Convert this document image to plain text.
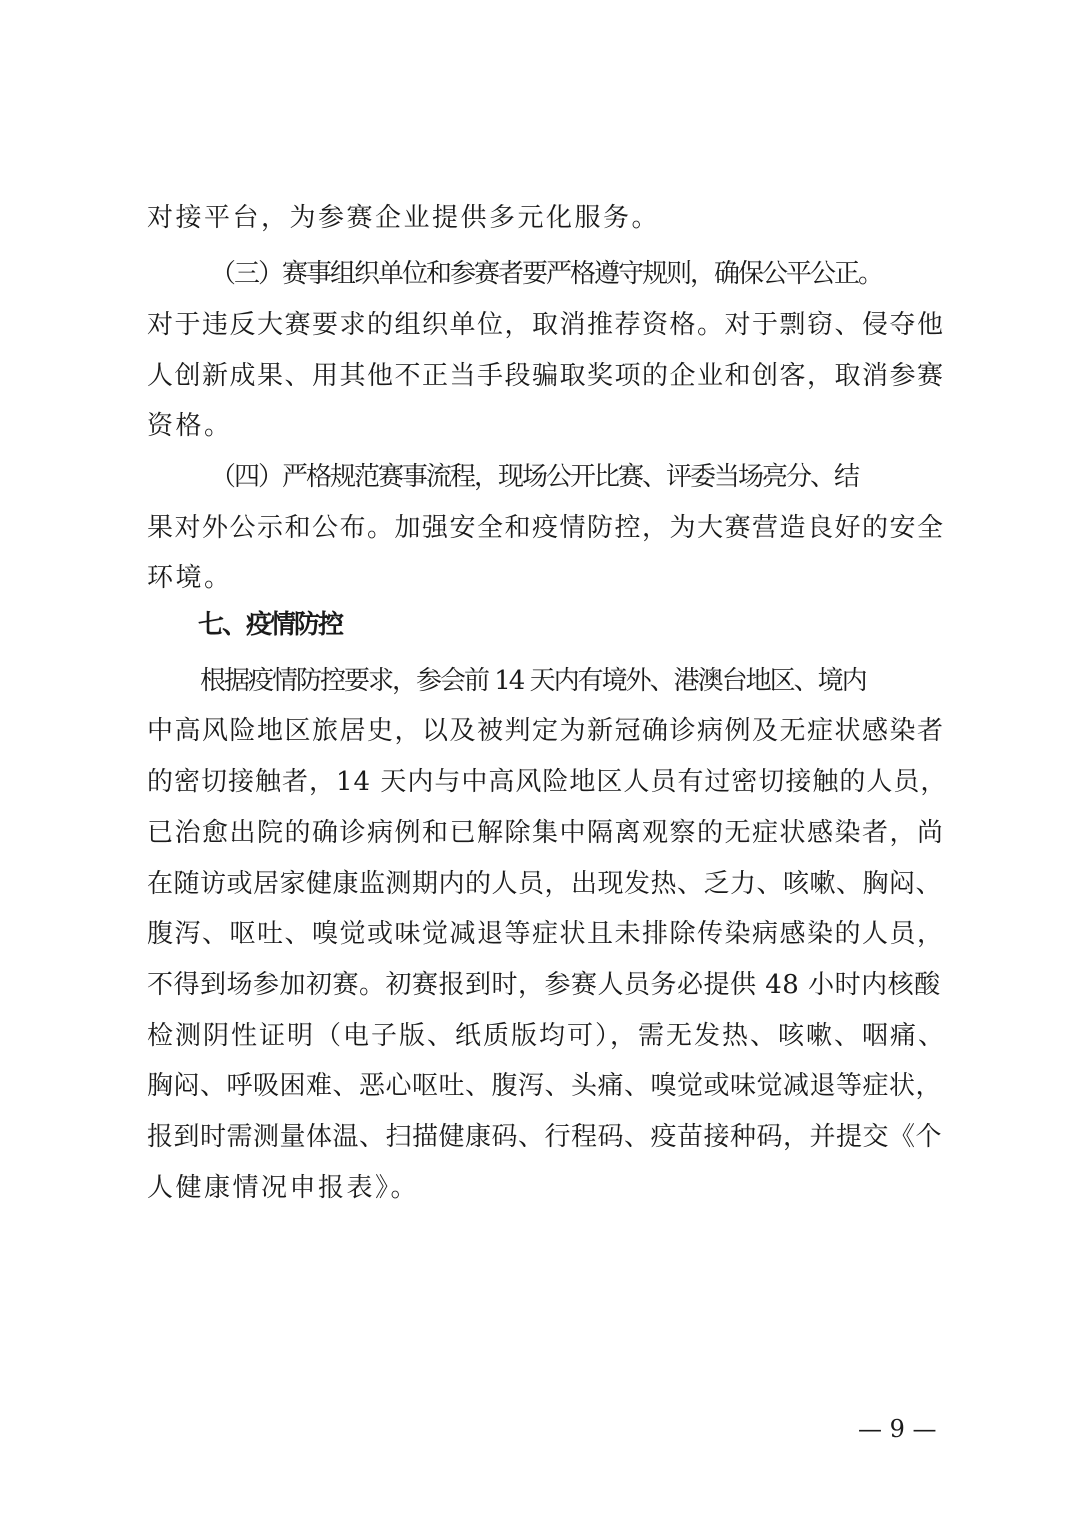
对接平台，为参赛企业提供多元化服务。
（三）赛事组织单位和参赛者要严格遵守规则，确保公平公正。
对于违反大赛要求的组织单位，取消推荐资格。对于剽窃、侵夺他
人创新成果、用其他不正当手段骗取奖项的企业和创客，取消参赛
资格。
（四）严格规范赛事流程，现场公开比赛、评委当场亮分、结
果对外公示和公布。加强安全和疫情防控，为大赛营造良好的安全
环境。
七、疫情防控
根据疫情防控要求，参会前 14 天内有境外、港澳台地区、境内
中高风险地区旅居史，以及被判定为新冠确诊病例及无症状感染者
的密切接触者，14 天内与中高风险地区人员有过密切接触的人员，
已治愈出院的确诊病例和已解除集中隔离观察的无症状感染者，尚
在随访或居家健康监测期内的人员，出现发热、乏力、咳嗽、胸闷、
腹泻、呕吐、嗅觉或味觉减退等症状且未排除传染病感染的人员，
不得到场参加初赛。初赛报到时，参赛人员务必提供 48 小时内核酸
检测阴性证明（电子版、纸质版均可），需无发热、咳嗽、咽痛、
胸闷、呼吸困难、恶心呕吐、腹泻、头痛、嗅觉或味觉减退等症状，
报到时需测量体温、扫描健康码、行程码、疫苗接种码，并提交《个
人健康情况申报表》。
— 9 —
